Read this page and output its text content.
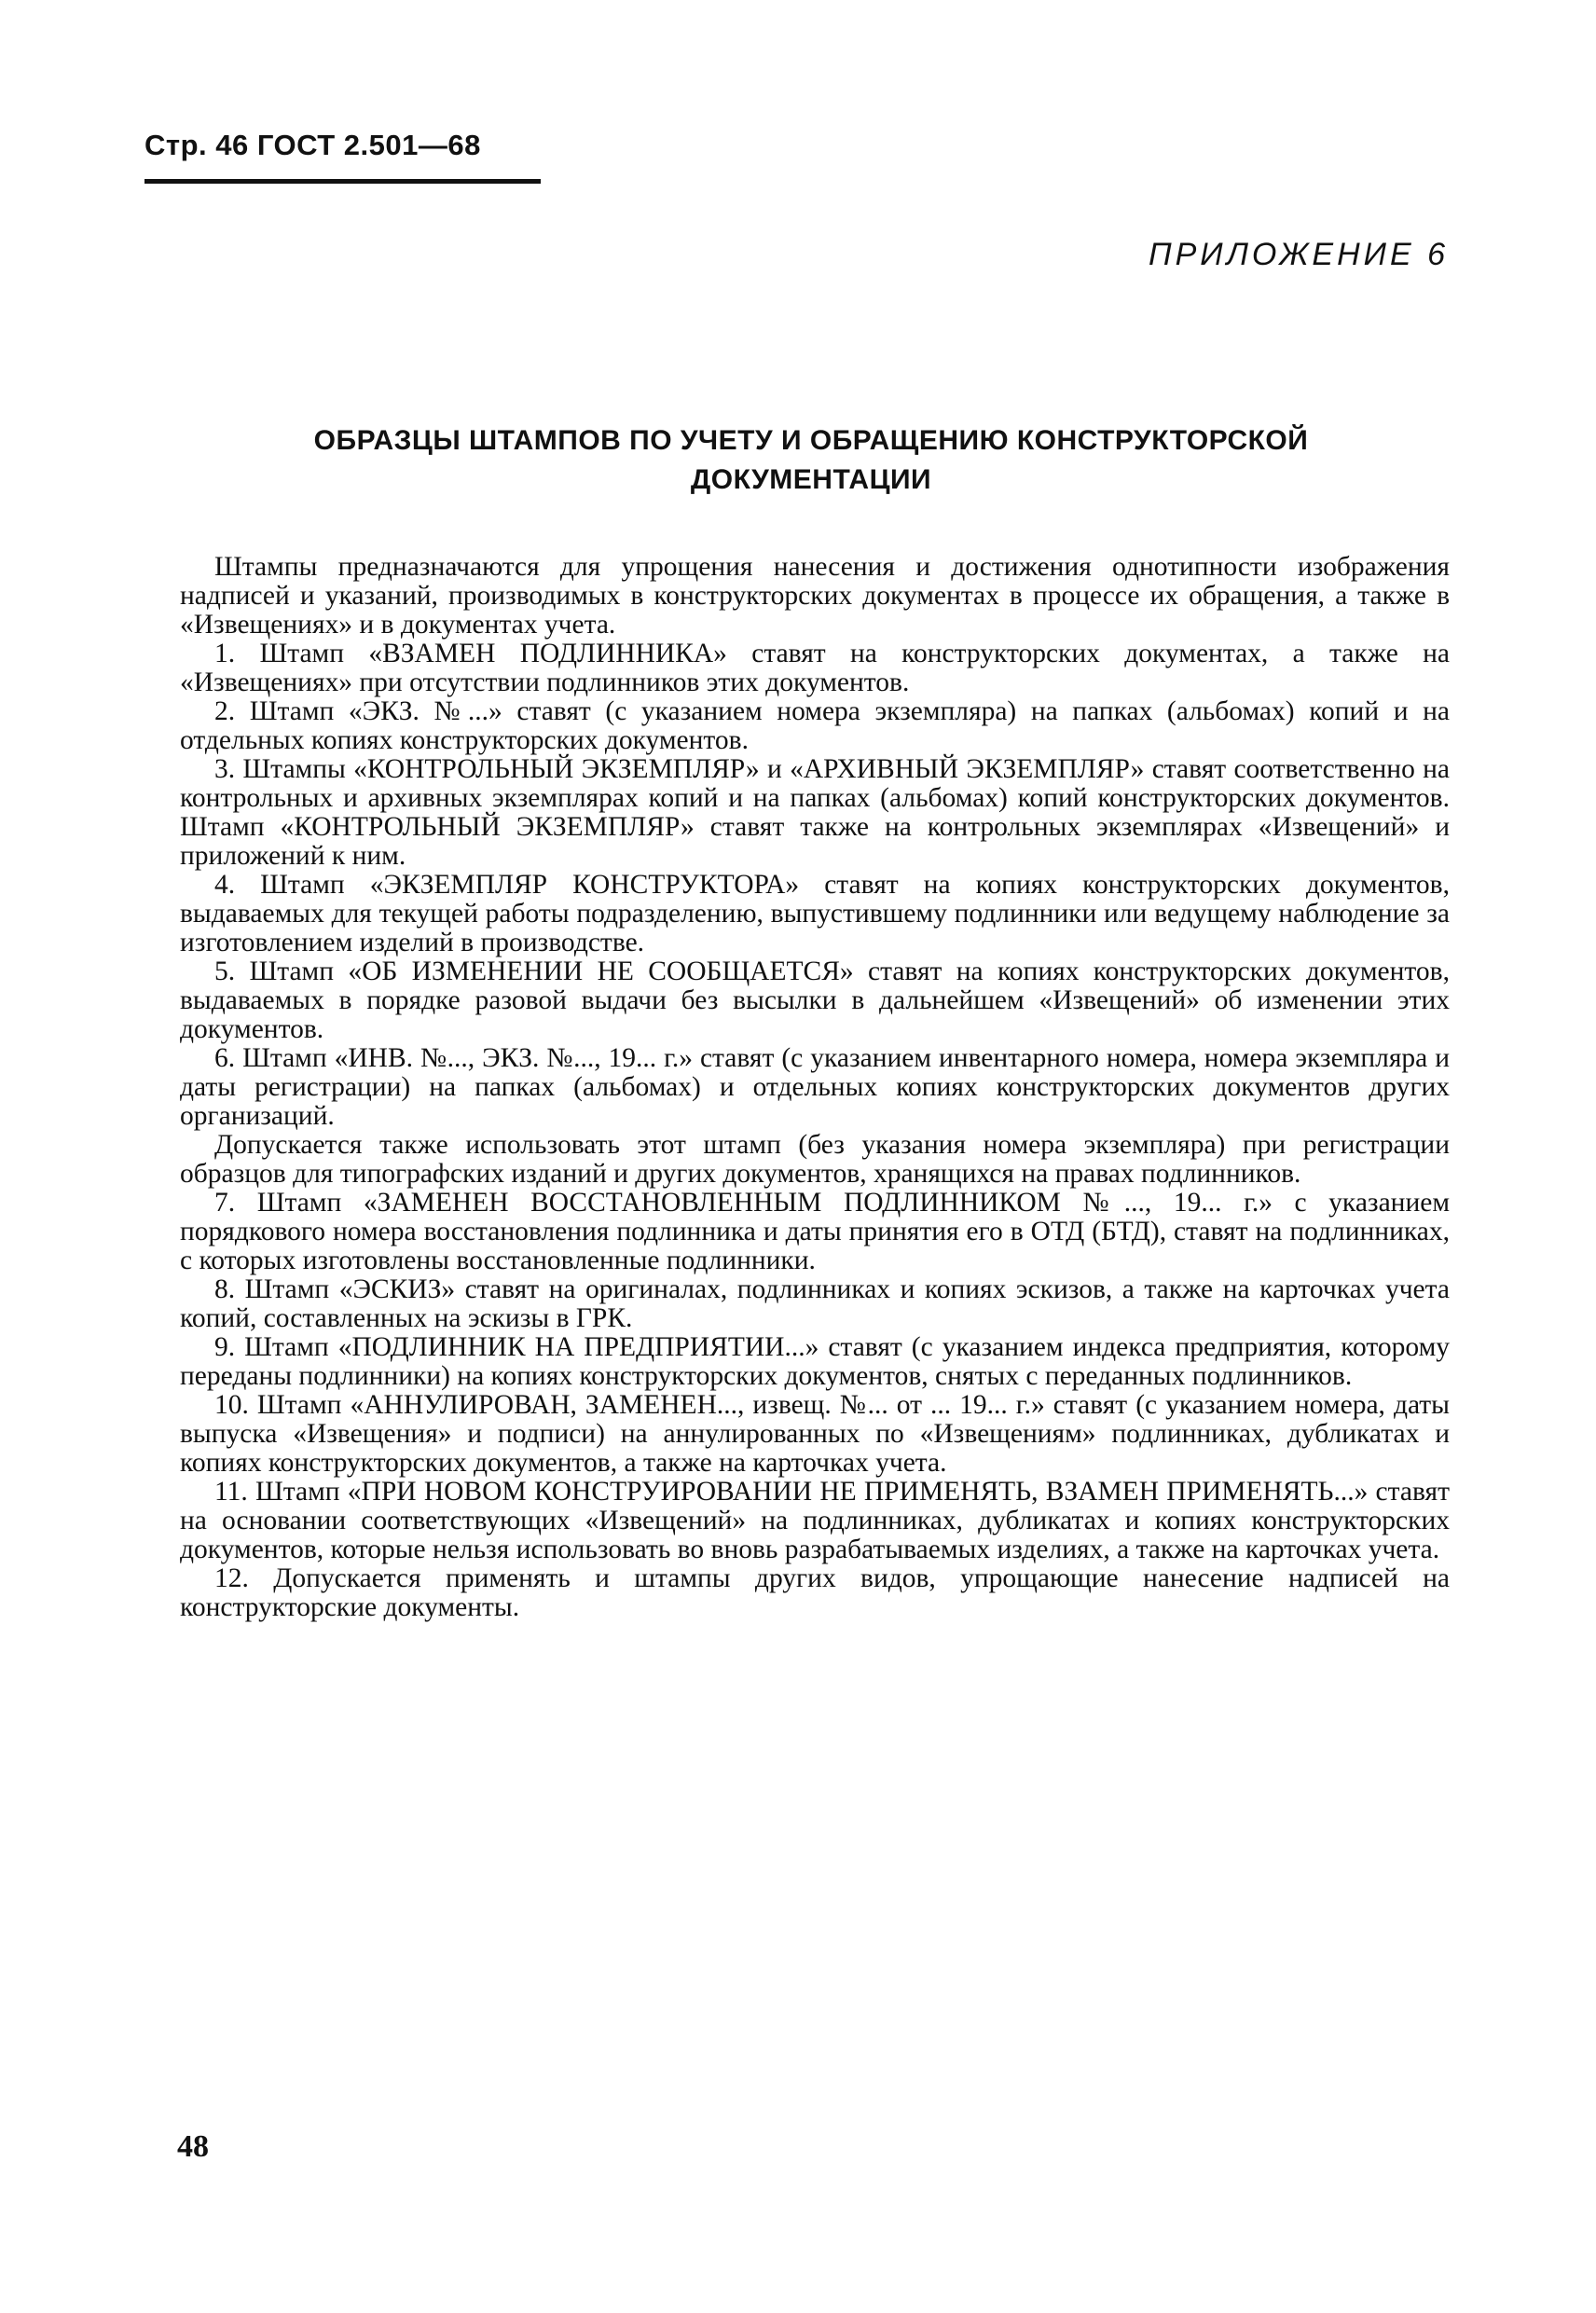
Стр. 46 ГОСТ 2.501—68
ПРИЛОЖЕНИЕ 6
ОБРАЗЦЫ ШТАМПОВ ПО УЧЕТУ И ОБРАЩЕНИЮ КОНСТРУКТОРСКОЙ
ДОКУМЕНТАЦИИ

Штампы предназначаются для упрощения нанесения и достижения однотипности изображения надписей и указаний, производимых в конструкторских документах в процессе их обращения, а также в «Извещениях» и в документах учета.

1. Штамп «ВЗАМЕН ПОДЛИННИКА» ставят на конструкторских документах, а также на «Извещениях» при отсутствии подлинников этих документов.

2. Штамп «ЭКЗ. №...» ставят (с указанием номера экземпляра) на папках (альбомах) копий и на отдельных копиях конструкторских документов.

3. Штампы «КОНТРОЛЬНЫЙ ЭКЗЕМПЛЯР» и «АРХИВНЫЙ ЭКЗЕМПЛЯР» ставят соответственно на контрольных и архивных экземплярах копий и на папках (альбомах) копий конструкторских документов. Штамп «КОНТРОЛЬНЫЙ ЭКЗЕМПЛЯР» ставят также на контрольных экземплярах «Извещений» и приложений к ним.

4. Штамп «ЭКЗЕМПЛЯР КОНСТРУКТОРА» ставят на копиях конструкторских документов, выдаваемых для текущей работы подразделению, выпустившему подлинники или ведущему наблюдение за изготовлением изделий в производстве.

5. Штамп «ОБ ИЗМЕНЕНИИ НЕ СООБЩАЕТСЯ» ставят на копиях конструкторских документов, выдаваемых в порядке разовой выдачи без высылки в дальнейшем «Извещений» об изменении этих документов.

6. Штамп «ИНВ. №..., ЭКЗ. №..., 19... г.» ставят (с указанием инвентарного номера, номера экземпляра и даты регистрации) на папках (альбомах) и отдельных копиях конструкторских документов других организаций.

Допускается также использовать этот штамп (без указания номера экземпляра) при регистрации образцов для типографских изданий и других документов, хранящихся на правах подлинников.

7. Штамп «ЗАМЕНЕН ВОССТАНОВЛЕННЫМ ПОДЛИННИКОМ №..., 19... г.» с указанием порядкового номера восстановления подлинника и даты принятия его в ОТД (БТД), ставят на подлинниках, с которых изготовлены восстановленные подлинники.

8. Штамп «ЭСКИЗ» ставят на оригиналах, подлинниках и копиях эскизов, а также на карточках учета копий, составленных на эскизы в ГРК.

9. Штамп «ПОДЛИННИК НА ПРЕДПРИЯТИИ...» ставят (с указанием индекса предприятия, которому переданы подлинники) на копиях конструкторских документов, снятых с переданных подлинников.

10. Штамп «АННУЛИРОВАН, ЗАМЕНЕН..., извещ. №... от ... 19... г.» ставят (с указанием номера, даты выпуска «Извещения» и подписи) на аннулированных по «Извещениям» подлинниках, дубликатах и копиях конструкторских документов, а также на карточках учета.

11. Штамп «ПРИ НОВОМ КОНСТРУИРОВАНИИ НЕ ПРИМЕНЯТЬ, ВЗАМЕН ПРИМЕНЯТЬ...» ставят на основании соответствующих «Извещений» на подлинниках, дубликатах и копиях конструкторских документов, которые нельзя использовать во вновь разрабатываемых изделиях, а также на карточках учета.

12. Допускается применять и штампы других видов, упрощающие нанесение надписей на конструкторские документы.

48
